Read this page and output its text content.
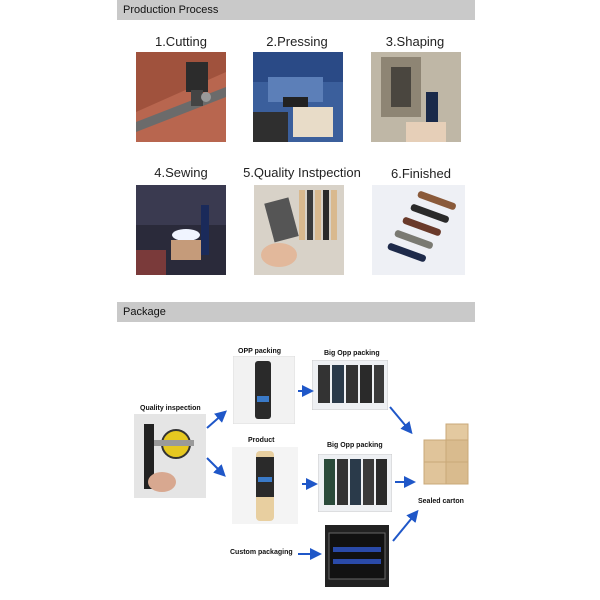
Production Process
1.Cutting	2.Pressing	3.Shaping
4.Sewing	5.Quality Instpection	6.Finished
Package
OPP packing	Big Opp packing
Quality inspection
Product
Big Opp packing
Sealed carton
Custom packaging
